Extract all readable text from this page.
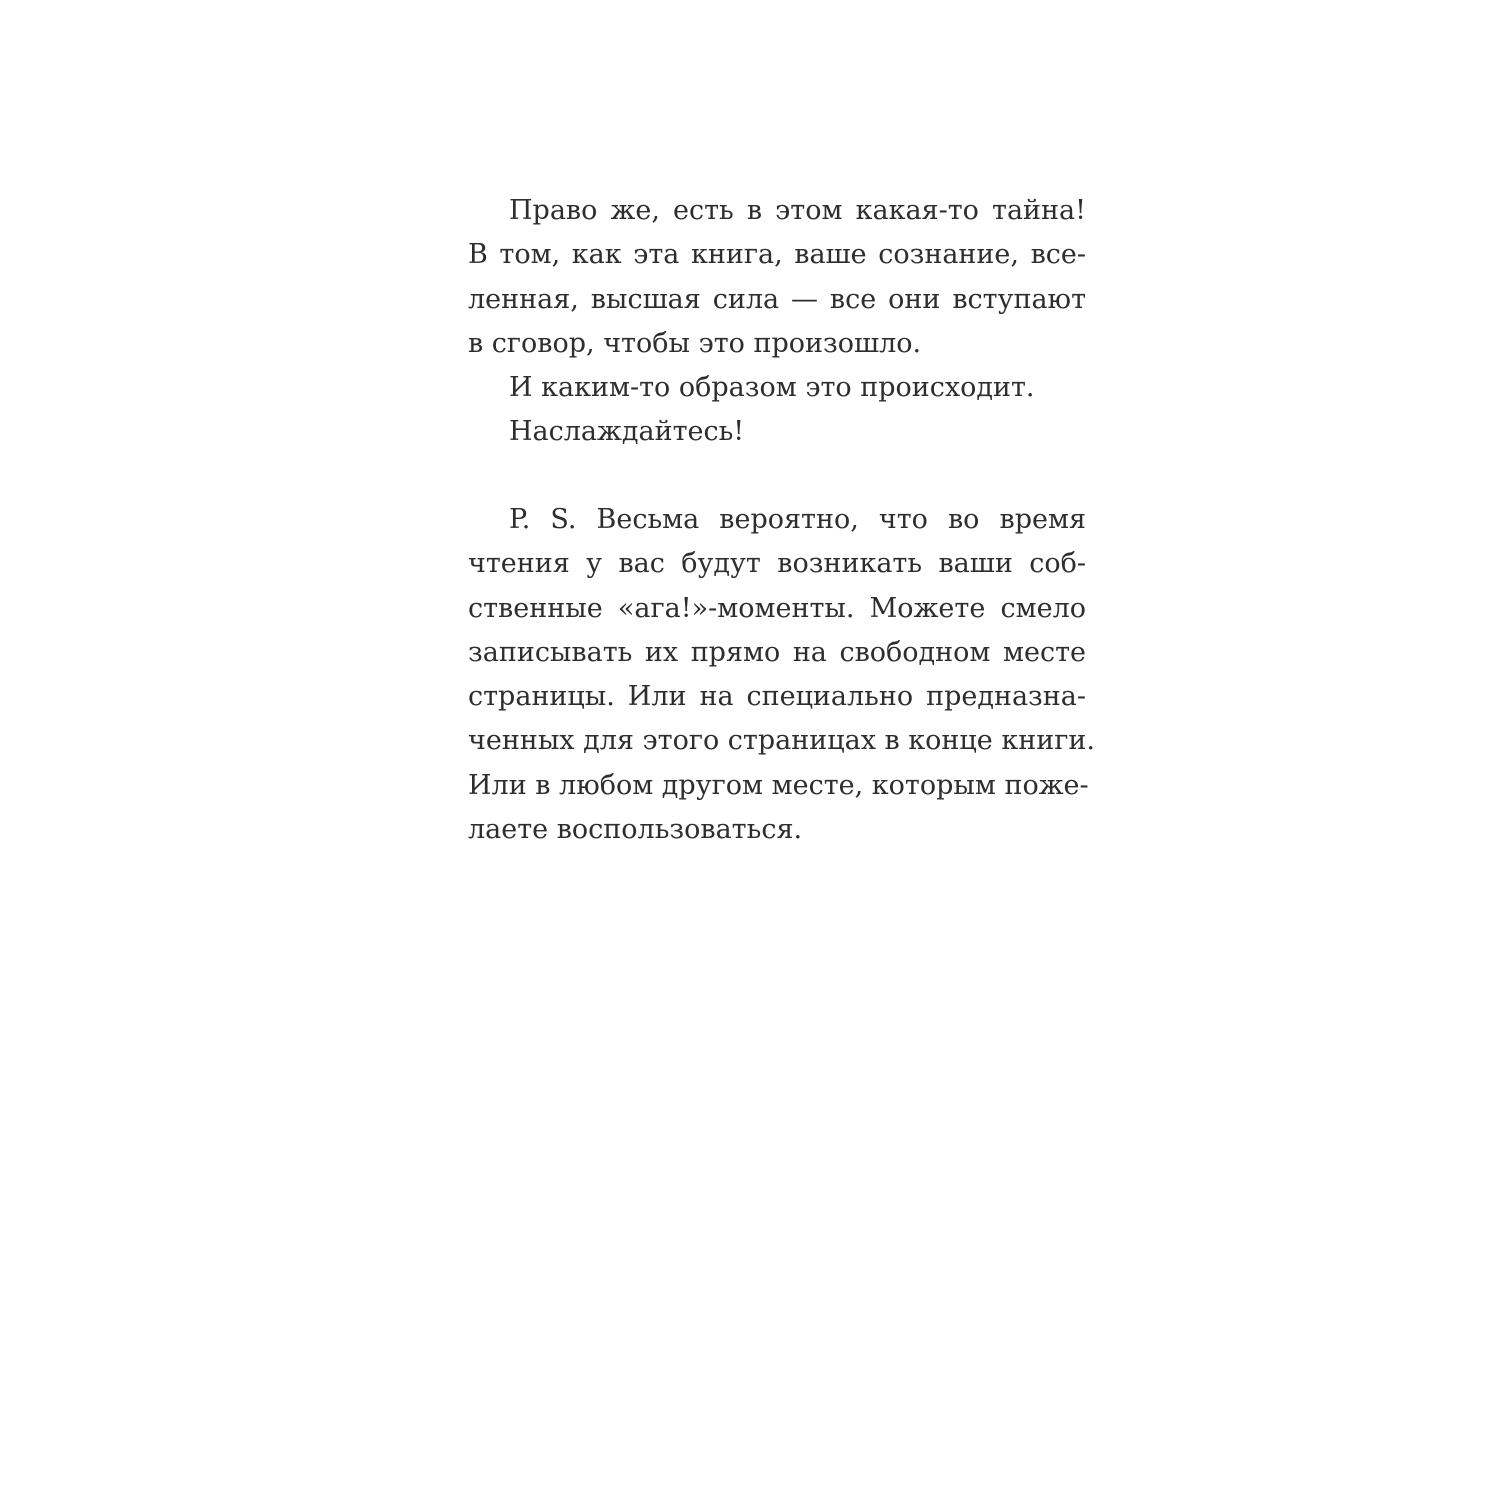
Право же, есть в этом какая-то тайна!
В том, как эта книга, ваше сознание, все-
ленная, высшая сила — все они вступают
в сговор, чтобы это произошло.
И каким-то образом это происходит.
Наслаждайтесь!
P. S. Весьма вероятно, что во время
чтения у вас будут возникать ваши соб-
ственные «ага!»-моменты. Можете смело
записывать их прямо на свободном месте
страницы. Или на специально предназна-
ченных для этого страницах в конце книги.
Или в любом другом месте, которым поже-
лаете воспользоваться.
